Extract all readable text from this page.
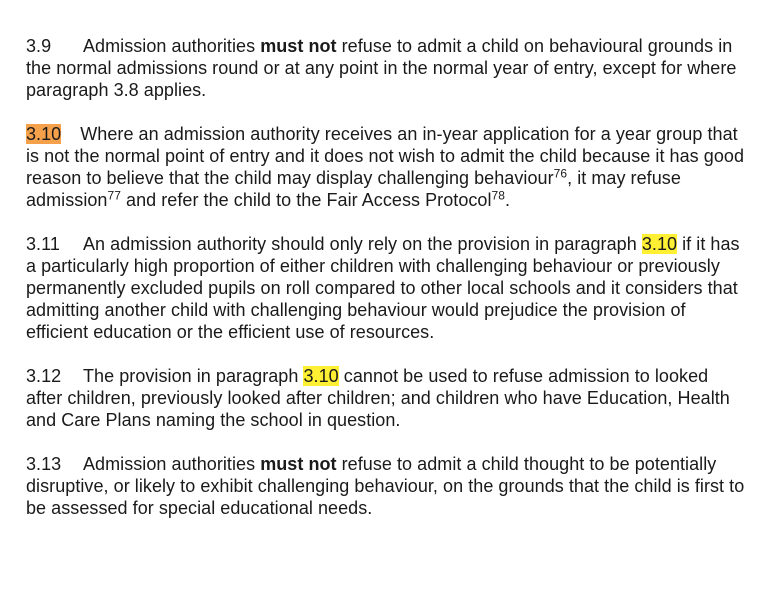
3.9 Admission authorities must not refuse to admit a child on behavioural grounds in the normal admissions round or at any point in the normal year of entry, except for where paragraph 3.8 applies.

3.10 Where an admission authority receives an in-year application for a year group that is not the normal point of entry and it does not wish to admit the child because it has good reason to believe that the child may display challenging behaviour$^{76}$, it may refuse admission$^{77}$ and refer the child to the Fair Access Protocol$^{78}$.

3.11 An admission authority should only rely on the provision in paragraph 3.10 if it has a particularly high proportion of either children with challenging behaviour or previously permanently excluded pupils on roll compared to other local schools and it considers that admitting another child with challenging behaviour would prejudice the provision of efficient education or the efficient use of resources.

3.12 The provision in paragraph 3.10 cannot be used to refuse admission to looked after children, previously looked after children; and children who have Education, Health and Care Plans naming the school in question.

3.13 Admission authorities must not refuse to admit a child thought to be potentially disruptive, or likely to exhibit challenging behaviour, on the grounds that the child is first to be assessed for special educational needs.
